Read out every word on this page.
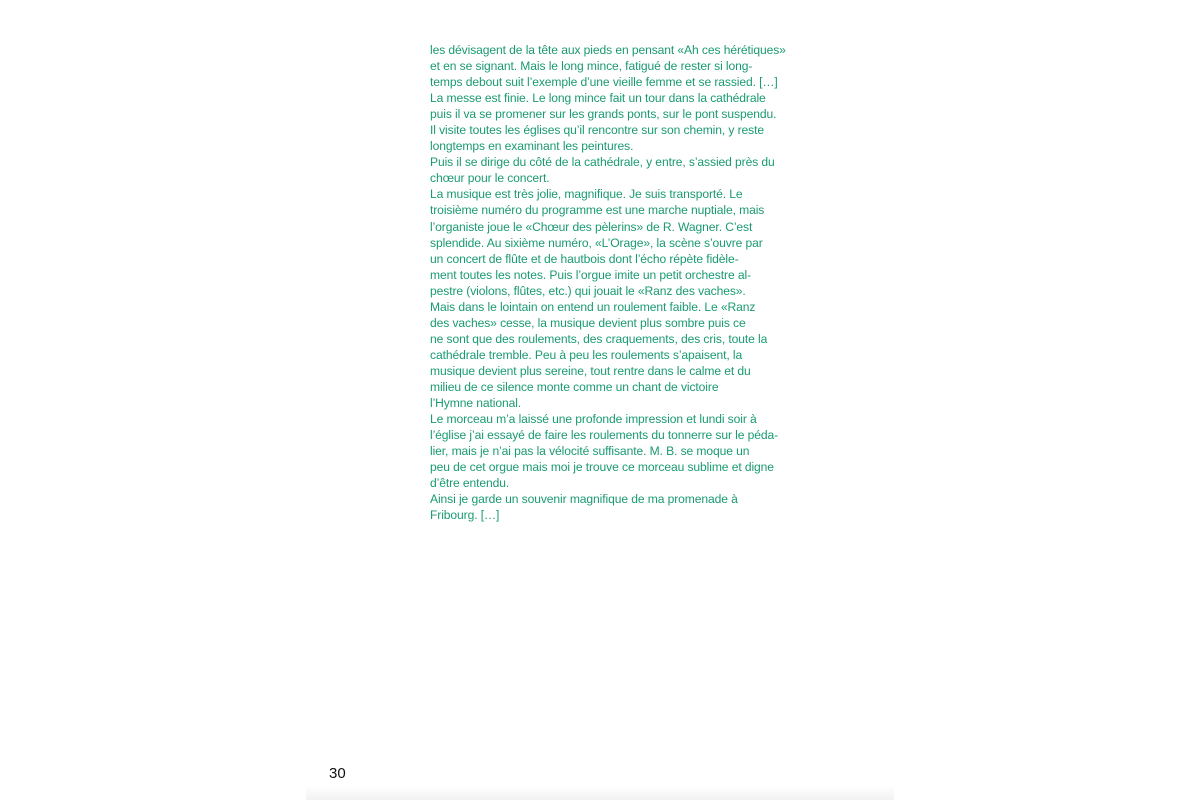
les dévisagent de la tête aux pieds en pensant «Ah ces hérétiques»
et en se signant. Mais le long mince, fatigué de rester si long-
temps debout suit l’exemple d’une vieille femme et se rassied. […]
La messe est finie. Le long mince fait un tour dans la cathédrale
puis il va se promener sur les grands ponts, sur le pont suspendu.
Il visite toutes les églises qu’il rencontre sur son chemin, y reste
longtemps en examinant les peintures.
Puis il se dirige du côté de la cathédrale, y entre, s’assied près du
chœur pour le concert.
La musique est très jolie, magnifique. Je suis transporté. Le
troisième numéro du programme est une marche nuptiale, mais
l’organiste joue le «Chœur des pèlerins» de R. Wagner. C’est
splendide. Au sixième numéro, «L’Orage», la scène s’ouvre par
un concert de flûte et de hautbois dont l’écho répète fidèle-
ment toutes les notes. Puis l’orgue imite un petit orchestre al-
pestre (violons, flûtes, etc.) qui jouait le «Ranz des vaches».
Mais dans le lointain on entend un roulement faible. Le «Ranz
des vaches» cesse, la musique devient plus sombre puis ce
ne sont que des roulements, des craquements, des cris, toute la
cathédrale tremble. Peu à peu les roulements s’apaisent, la
musique devient plus sereine, tout rentre dans le calme et du
milieu de ce silence monte comme un chant de victoire
l’Hymne national.
Le morceau m’a laissé une profonde impression et lundi soir à
l’église j’ai essayé de faire les roulements du tonnerre sur le péda-
lier, mais je n’ai pas la vélocité suffisante. M. B. se moque un
peu de cet orgue mais moi je trouve ce morceau sublime et digne
d’être entendu.
Ainsi je garde un souvenir magnifique de ma promenade à
Fribourg. […]
30
